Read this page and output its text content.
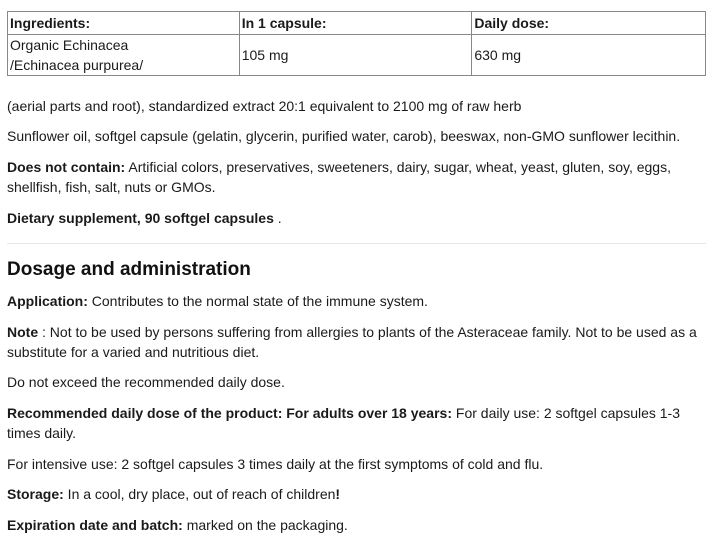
Ingredients:	In 1 capsule:	Daily dose:
Organic Echinacea
/Echinacea purpurea/	105 mg	630 mg

(aerial parts and root), standardized extract 20:1 equivalent to 2100 mg of raw herb

Sunflower oil, softgel capsule (gelatin, glycerin, purified water, carob), beeswax, non-GMO sunflower lecithin.

Does not contain: Artificial colors, preservatives, sweeteners, dairy, sugar, wheat, yeast, gluten, soy, eggs, shellfish, fish, salt, nuts or GMOs.

Dietary supplement, 90 softgel capsules .

Dosage and administration

Application: Contributes to the normal state of the immune system.

Note : Not to be used by persons suffering from allergies to plants of the Asteraceae family. Not to be used as a substitute for a varied and nutritious diet.

Do not exceed the recommended daily dose.

Recommended daily dose of the product: For adults over 18 years: For daily use: 2 softgel capsules 1-3 times daily.

For intensive use: 2 softgel capsules 3 times daily at the first symptoms of cold and flu.

Storage: In a cool, dry place, out of reach of children!

Expiration date and batch: marked on the packaging.
